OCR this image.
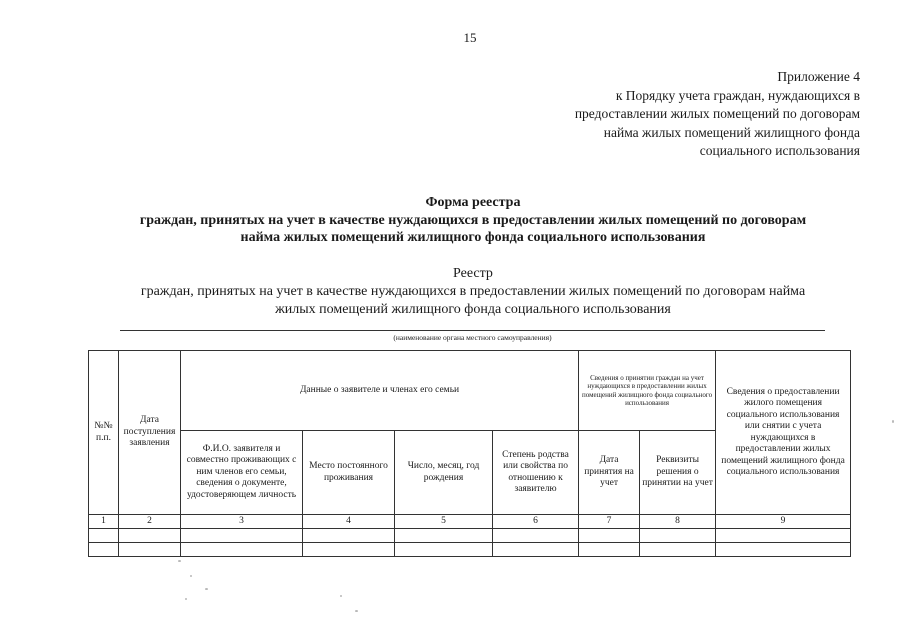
15
Приложение 4
к Порядку учета граждан, нуждающихся в
предоставлении жилых помещений по договорам
найма жилых помещений жилищного фонда
социального использования
Форма реестра
граждан, принятых на учет в качестве нуждающихся в предоставлении жилых помещений по договорам
найма жилых помещений жилищного фонда социального использования
Реестр
граждан, принятых на учет в качестве нуждающихся в предоставлении жилых помещений по договорам найма
жилых помещений жилищного фонда социального использования
(наименование органа местного самоуправления)
№№ п.п.	Дата поступления заявления	Данные о заявителе и членах его семьи				Сведения о принятии граждан на учет нуждающихся в предоставлении жилых помещений жилищного фонда социального использования		Сведения о предоставлении жилого помещения социального использования или снятии с учета нуждающихся в предоставлении жилых помещений жилищного фонда социального использования
		Ф.И.О. заявителя и совместно проживающих с ним членов его семьи, сведения о документе, удостоверяющем личность	Место постоянного проживания	Число, месяц, год рождения	Степень родства или свойства по отношению к заявителю	Дата принятия на учет	Реквизиты решения о принятии на учет	
1	2	3	4	5	6	7	8	9
